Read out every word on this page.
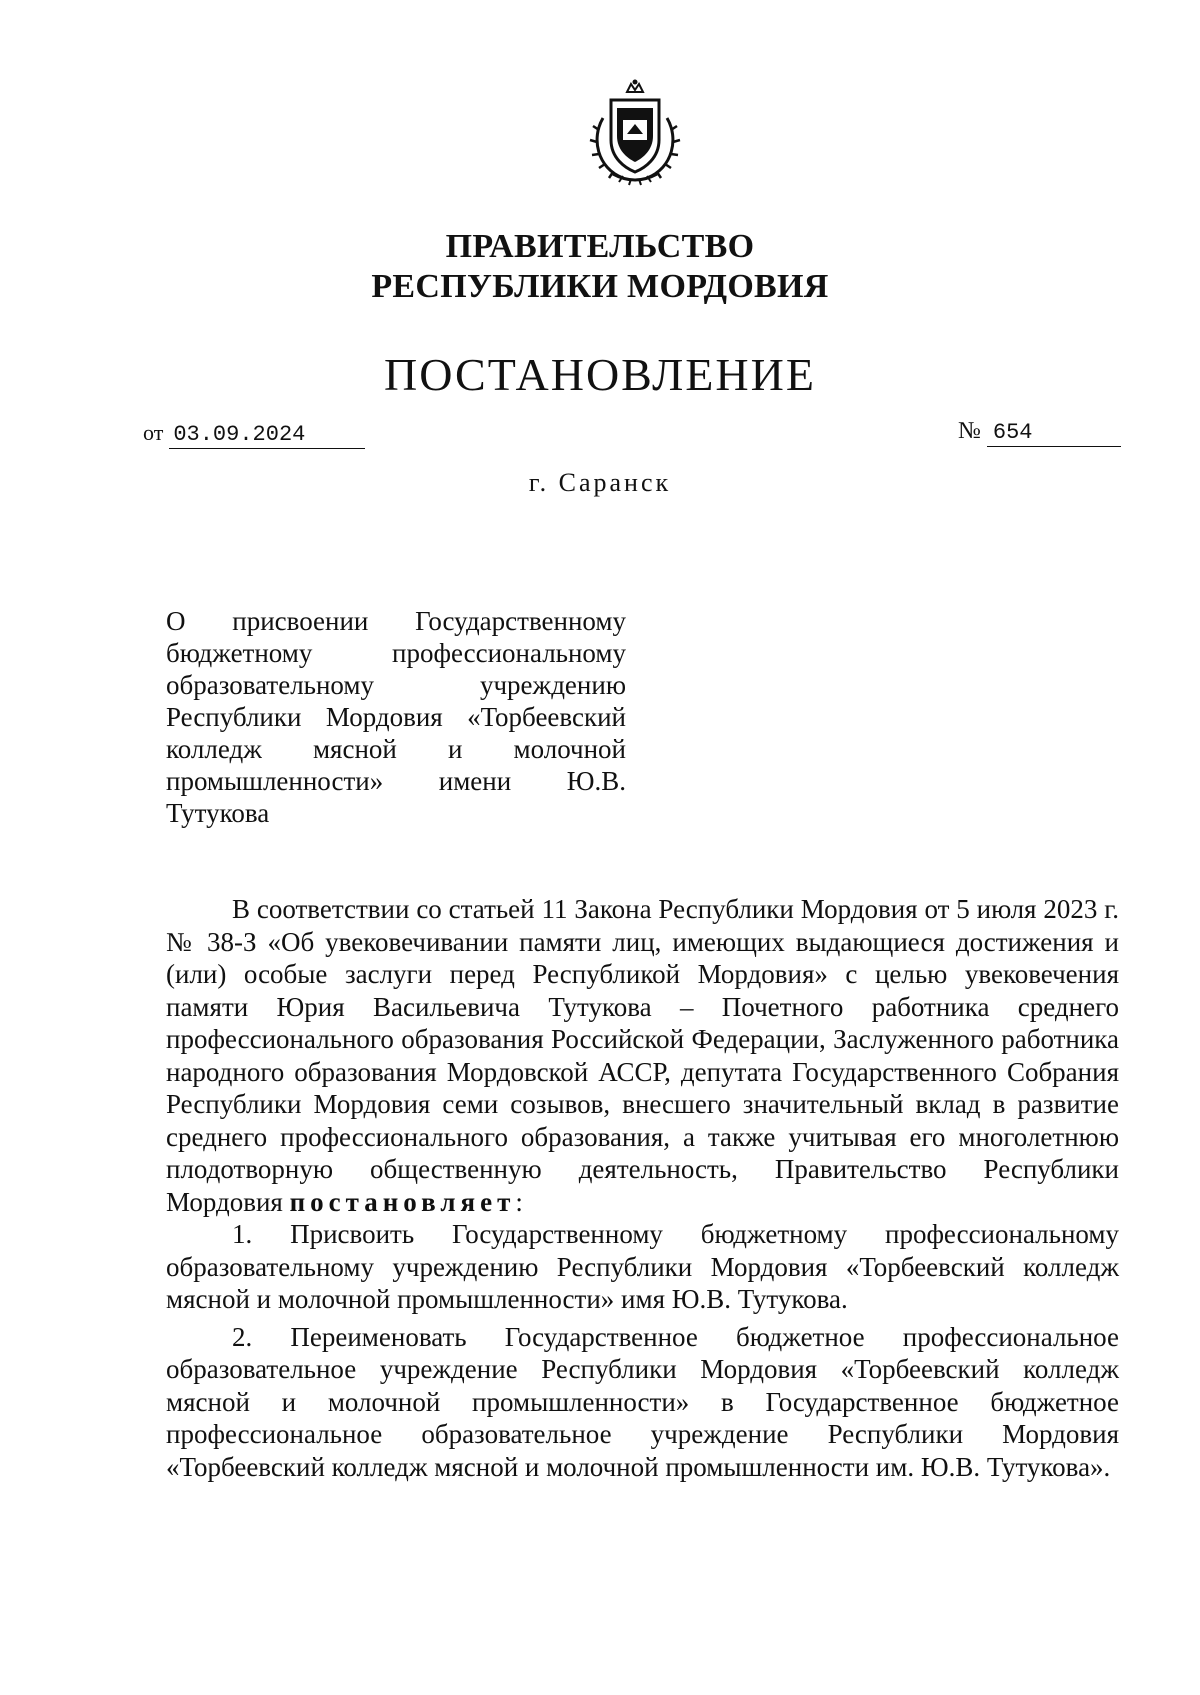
ПРАВИТЕЛЬСТВО
РЕСПУБЛИКИ МОРДОВИЯ
ПОСТАНОВЛЕНИЕ
от 03.09.2024	№ 654
г. Саранск
О присвоении Государственному бюджетному профессиональному образовательному учреждению Республики Мордовия «Торбеевский колледж мясной и молочной промышленности» имени Ю.В. Тутукова

В соответствии со статьей 11 Закона Республики Мордовия от 5 июля 2023 г. № 38-З «Об увековечивании памяти лиц, имеющих выдающиеся достижения и (или) особые заслуги перед Республикой Мордовия» с целью увековечения памяти Юрия Васильевича Тутукова – Почетного работника среднего профессионального образования Российской Федерации, Заслуженного работника народного образования Мордовской АССР, депутата Государственного Собрания Республики Мордовия семи созывов, внесшего значительный вклад в развитие среднего профессионального образования, а также учитывая его многолетнюю плодотворную общественную деятельность, Правительство Республики Мордовия постановляет:

1. Присвоить Государственному бюджетному профессиональному образовательному учреждению Республики Мордовия «Торбеевский колледж мясной и молочной промышленности» имя Ю.В. Тутукова.

2. Переименовать Государственное бюджетное профессиональное образовательное учреждение Республики Мордовия «Торбеевский колледж мясной и молочной промышленности» в Государственное бюджетное профессиональное образовательное учреждение Республики Мордовия «Торбеевский колледж мясной и молочной промышленности им. Ю.В. Тутукова».
